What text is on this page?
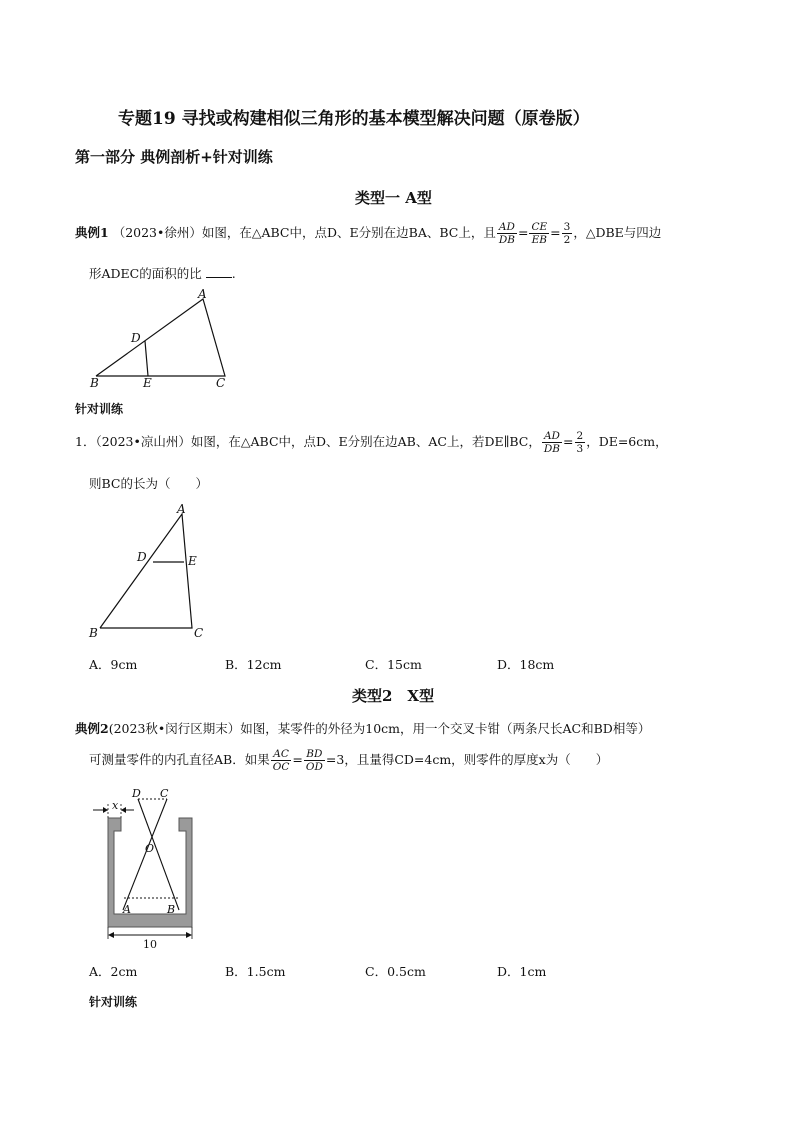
专题19 寻找或构建相似三角形的基本模型解决问题（原卷版）
第一部分 典例剖析+针对训练
类型一 A型
典例1 （2023•徐州）如图，在△ABC中，点D、E分别在边BA、BC上，且 $\frac{AD}{DB} = \frac{CE}{EB} = \frac{3}{2}$ ，△DBE与四边
形ADEC的面积的比 .
A
B	C
D
E
针对训练
1．（2023•凉山州）如图，在△ABC中，点D、E分别在边AB、AC上，若DE∥BC， $\frac{AD}{DB} = \frac{2}{3}$ ，DE=6cm，
则BC的长为（　　）
A
B	C
D	E
A．9cm	B．12cm	C．15cm	D．18cm
类型2　X型
典例2(2023秋•闵行区期末）如图，某零件的外径为10cm，用一个交叉卡钳（两条尺长AC和BD相等）
可测量零件的内孔直径AB．如果 $\frac{AC}{OC} = \frac{BD}{OD} =3$，且量得CD=4cm，则零件的厚度x为（　　）
D C
O
A	B
x
10
A．2cm	B．1.5cm	C．0.5cm	D．1cm
针对训练
